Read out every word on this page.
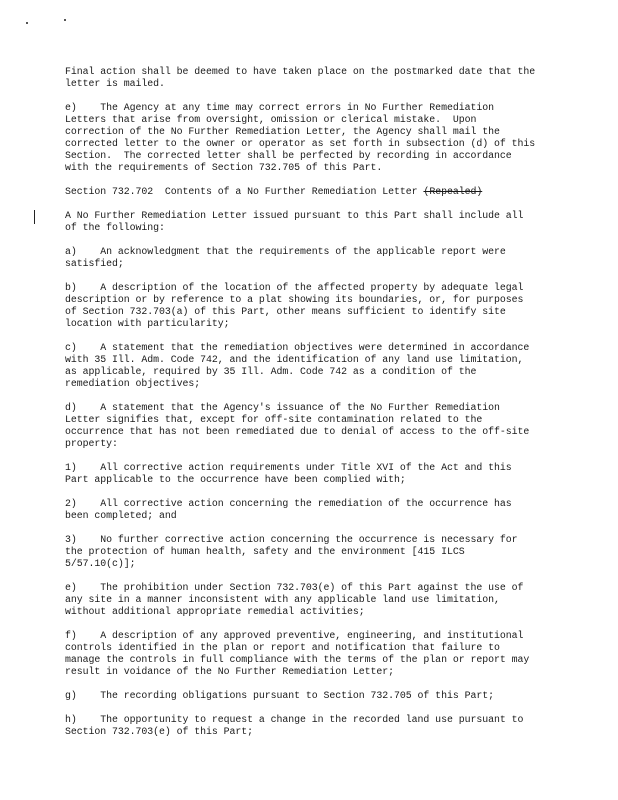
Final action shall be deemed to have taken place on the postmarked date that the
letter is mailed.
e)    The Agency at any time may correct errors in No Further Remediation
Letters that arise from oversight, omission or clerical mistake.  Upon
correction of the No Further Remediation Letter, the Agency shall mail the
corrected letter to the owner or operator as set forth in subsection (d) of this
Section.  The corrected letter shall be perfected by recording in accordance
with the requirements of Section 732.705 of this Part.
Section 732.702  Contents of a No Further Remediation Letter (Repealed)
A No Further Remediation Letter issued pursuant to this Part shall include all
of the following:
a)    An acknowledgment that the requirements of the applicable report were
satisfied;
b)    A description of the location of the affected property by adequate legal
description or by reference to a plat showing its boundaries, or, for purposes
of Section 732.703(a) of this Part, other means sufficient to identify site
location with particularity;
c)    A statement that the remediation objectives were determined in accordance
with 35 Ill. Adm. Code 742, and the identification of any land use limitation,
as applicable, required by 35 Ill. Adm. Code 742 as a condition of the
remediation objectives;
d)    A statement that the Agency's issuance of the No Further Remediation
Letter signifies that, except for off-site contamination related to the
occurrence that has not been remediated due to denial of access to the off-site
property:
1)    All corrective action requirements under Title XVI of the Act and this
Part applicable to the occurrence have been complied with;
2)    All corrective action concerning the remediation of the occurrence has
been completed; and
3)    No further corrective action concerning the occurrence is necessary for
the protection of human health, safety and the environment [415 ILCS
5/57.10(c)];
e)    The prohibition under Section 732.703(e) of this Part against the use of
any site in a manner inconsistent with any applicable land use limitation,
without additional appropriate remedial activities;
f)    A description of any approved preventive, engineering, and institutional
controls identified in the plan or report and notification that failure to
manage the controls in full compliance with the terms of the plan or report may
result in voidance of the No Further Remediation Letter;
g)    The recording obligations pursuant to Section 732.705 of this Part;
h)    The opportunity to request a change in the recorded land use pursuant to
Section 732.703(e) of this Part;
